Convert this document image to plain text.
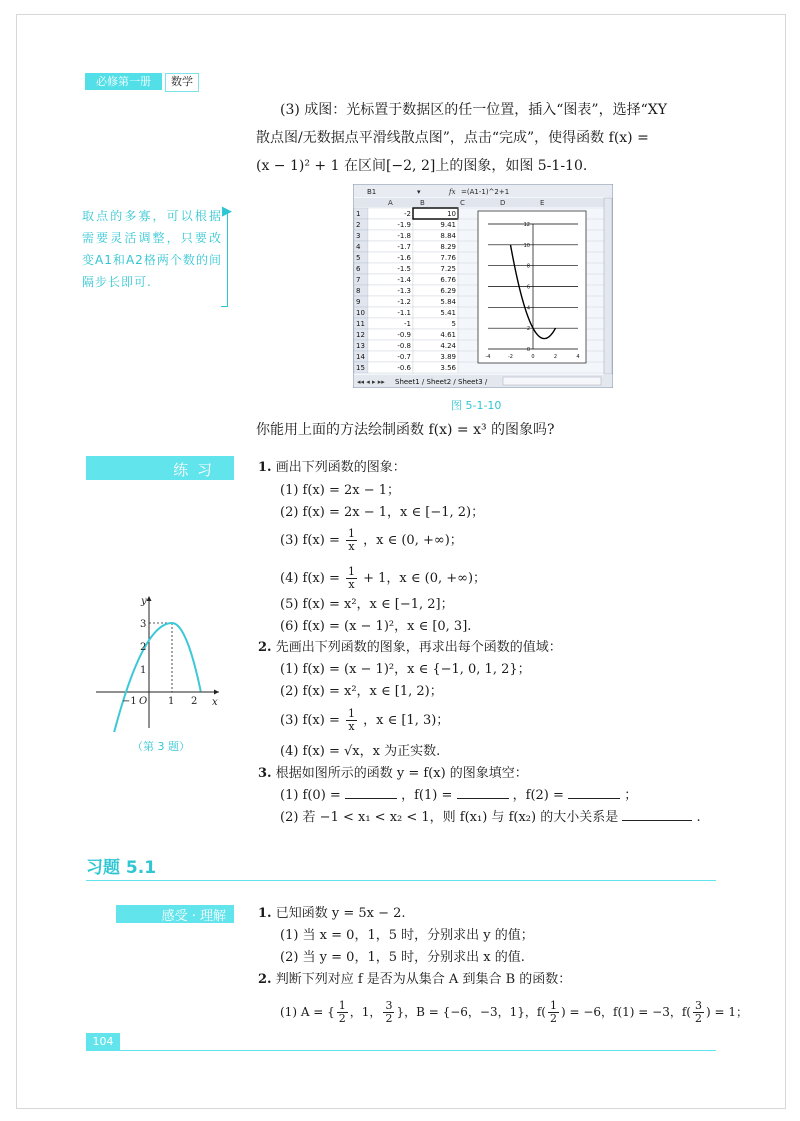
必修第一册	数学
(3) 成图：光标置于数据区的任一位置，插入“图表”，选择“XY
散点图/无数据点平滑线散点图”，点击“完成”，使得函数 f(x) =
(x − 1)² + 1 在区间[−2, 2]上的图象，如图 5-1-10.
取点的多寡，可以根据需要灵活调整，只要改变A1和A2格两个数的间隔步长即可.
▶
B1	▾	fx =(A1-1)^2+1
A	B	C	D	E
1	-2	10
2	-1.9	9.41
3	-1.8	8.84
4	-1.7	8.29
5	-1.6	7.76
6	-1.5	7.25
7	-1.4	6.76
8	-1.3	6.29
9	-1.2	5.84
10	-1.1	5.41
11	-1	5
12	-0.9	4.61
13	-0.8	4.24
14	-0.7	3.89
15	-0.6	3.56
12
10
8
6
4
2
0
-4	-2	0	2	4
◂◂ ◂ ▸ ▸▸ Sheet1 / Sheet2 / Sheet3 /
图 5-1-10
你能用上面的方法绘制函数 f(x) = x³ 的图象吗?
练 习	1. 画出下列函数的图象：
(1) f(x) = 2x − 1；
(2) f(x) = 2x − 1，x ∈ [−1, 2)；
(3) $f(x) = \frac{1}{x}$ ，x ∈ (0, +∞)；
(4) $f(x) = \frac{1}{x} + 1$，x ∈ (0, +∞)；
(5) f(x) = x²，x ∈ [−1, 2]；
(6) f(x) = (x − 1)²，x ∈ [0, 3].
2. 先画出下列函数的图象，再求出每个函数的值域：
(1) f(x) = (x − 1)²，x ∈ {−1, 0, 1, 2}；
(2) f(x) = x²，x ∈ [1, 2)；
(3) $f(x) = \frac{1}{x}$ ，x ∈ [1, 3)；
(4) f(x) = √x，x 为正实数.
3. 根据如图所示的函数 y = f(x) 的图象填空：
(1) f(0) =	，f(1) =	，f(2) =	；
(2) 若 −1 < x₁ < x₂ < 1，则 f(x₁) 与 f(x₂) 的大小关系是	.
y
x
O
3
2
1
−1	1 2
（第 3 题）
习题 5.1
感受 · 理解 1. 已知函数 y = 5x − 2.
(1) 当 x = 0，1，5 时，分别求出 y 的值；
(2) 当 y = 0，1，5 时，分别求出 x 的值.
2. 判断下列对应 f 是否为从集合 A 到集合 B 的函数：
(1) A = { $\frac{1}{2}$ ，1， $\frac{3}{2}$ }，B = {−6，−3，1}，$f( \frac{1}{2}$ ) = −6，f(1) = −3，$f( \frac{3}{2}$ ) = 1；
104
